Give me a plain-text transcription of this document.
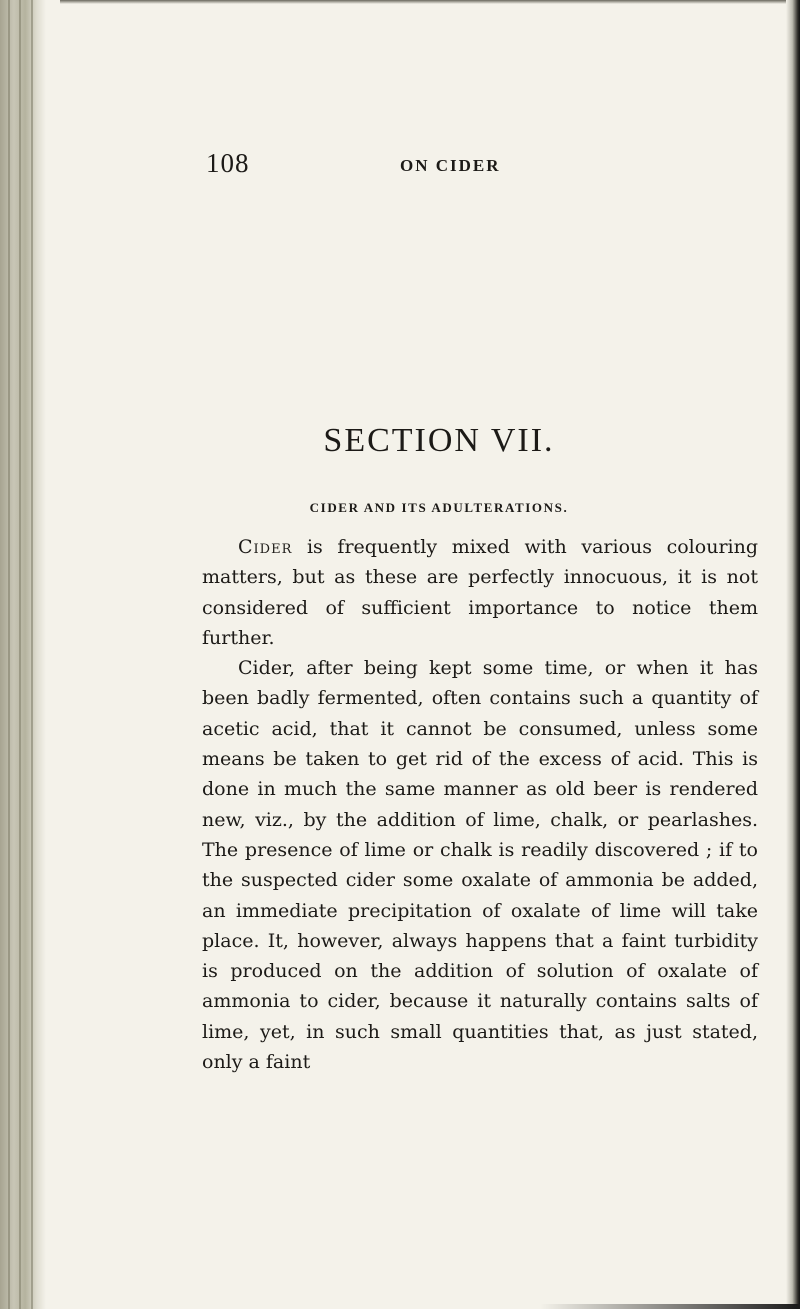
108	ON CIDER
SECTION VII.
CIDER AND ITS ADULTERATIONS.

Cider is frequently mixed with various colouring matters, but as these are perfectly innocuous, it is not considered of sufficient importance to notice them further.

Cider, after being kept some time, or when it has been badly fermented, often contains such a quantity of acetic acid, that it cannot be consumed, unless some means be taken to get rid of the excess of acid. This is done in much the same manner as old beer is rendered new, viz., by the addition of lime, chalk, or pearlashes. The presence of lime or chalk is readily discovered ; if to the suspected cider some oxalate of ammonia be added, an immediate precipitation of oxalate of lime will take place. It, however, always happens that a faint turbidity is produced on the addition of solution of oxalate of ammonia to cider, because it naturally contains salts of lime, yet, in such small quantities that, as just stated, only a faint
